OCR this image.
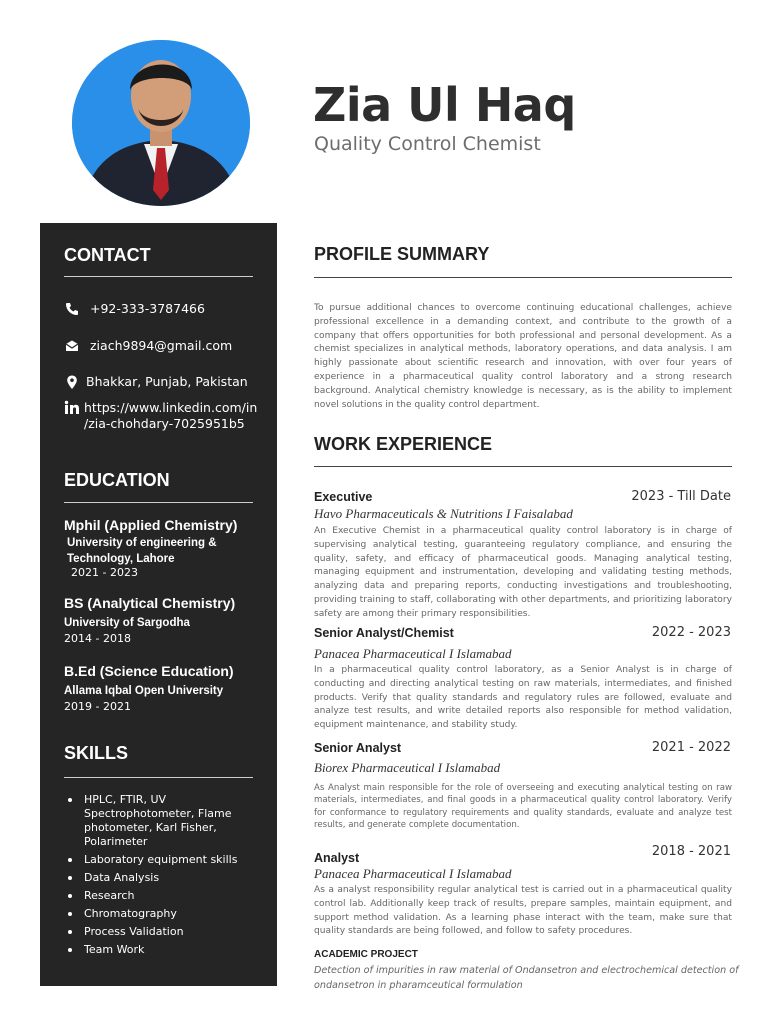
Zia Ul Haq
Quality Control Chemist
CONTACT
+92-333-3787466
ziach9894@gmail.com
Bhakkar, Punjab, Pakistan
https://www.linkedin.com/in
/zia-chohdary-7025951b5
EDUCATION
Mphil (Applied Chemistry)
University of engineering & Technology, Lahore
2021 - 2023
BS (Analytical Chemistry)
University of Sargodha
2014 - 2018
B.Ed (Science Education)
Allama Iqbal Open University
2019 - 2021
SKILLS
HPLC, FTIR, UV Spectrophotometer, Flame photometer, Karl Fisher, Polarimeter
Laboratory equipment skills
Data Analysis
Research
Chromatography
Process Validation
Team Work
PROFILE SUMMARY

To pursue additional chances to overcome continuing educational challenges, achieve professional excellence in a demanding context, and contribute to the growth of a company that offers opportunities for both professional and personal development. As a chemist specializes in analytical methods, laboratory operations, and data analysis. I am highly passionate about scientific research and innovation, with over four years of experience in a pharmaceutical quality control laboratory and a strong research background. Analytical chemistry knowledge is necessary, as is the ability to implement novel solutions in the quality control department.

WORK EXPERIENCE
Executive	2023 - Till Date
Havo Pharmaceuticals & Nutritions I Faisalabad

An Executive Chemist in a pharmaceutical quality control laboratory is in charge of supervising analytical testing, guaranteeing regulatory compliance, and ensuring the quality, safety, and efficacy of pharmaceutical goods. Managing analytical testing, managing equipment and instrumentation, developing and validating testing methods, analyzing data and preparing reports, conducting investigations and troubleshooting, providing training to staff, collaborating with other departments, and prioritizing laboratory safety are among their primary responsibilities.

Senior Analyst/Chemist	2022 - 2023
Panacea Pharmaceutical I Islamabad

In a pharmaceutical quality control laboratory, as a Senior Analyst is in charge of conducting and directing analytical testing on raw materials, intermediates, and finished products. Verify that quality standards and regulatory rules are followed, evaluate and analyze test results, and write detailed reports also responsible for method validation, equipment maintenance, and stability study.

Senior Analyst	2021 - 2022
Biorex Pharmaceutical I Islamabad

As Analyst main responsible for the role of overseeing and executing analytical testing on raw materials, intermediates, and final goods in a pharmaceutical quality control laboratory. Verify for conformance to regulatory requirements and quality standards, evaluate and analyze test results, and generate complete documentation.

Analyst	2018 - 2021
Panacea Pharmaceutical I Islamabad

As a analyst responsibility regular analytical test is carried out in a pharmaceutical quality control lab. Additionally keep track of results, prepare samples, maintain equipment, and support method validation. As a learning phase interact with the team, make sure that quality standards are being followed, and follow to safety procedures.

ACADEMIC PROJECT

Detection of impurities in raw material of Ondansetron and electrochemical detection of ondansetron in pharamceutical formulation
